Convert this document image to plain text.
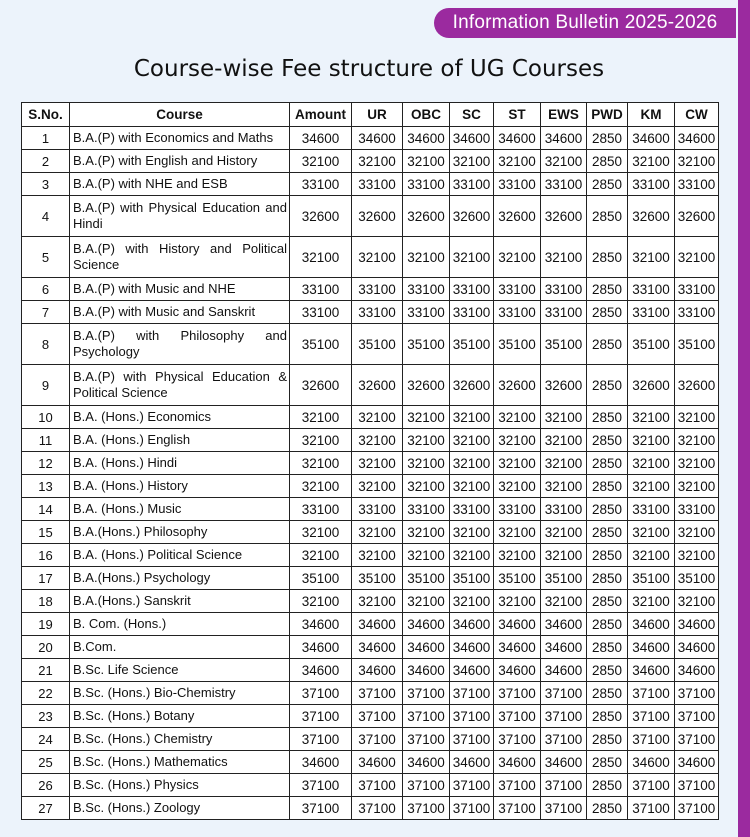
Information Bulletin 2025-2026
Course-wise Fee structure of UG Courses
S.No.	Course	Amount	UR	OBC	SC	ST	EWS	PWD	KM	CW
1	B.A.(P) with Economics and Maths	34600	34600	34600	34600	34600	34600	2850	34600	34600
2	B.A.(P) with English and History	32100	32100	32100	32100	32100	32100	2850	32100	32100
3	B.A.(P) with NHE and ESB	33100	33100	33100	33100	33100	33100	2850	33100	33100
4	B.A.(P) with Physical Education and Hindi	32600	32600	32600	32600	32600	32600	2850	32600	32600
5	B.A.(P) with History and Political Science	32100	32100	32100	32100	32100	32100	2850	32100	32100
6	B.A.(P) with Music and NHE	33100	33100	33100	33100	33100	33100	2850	33100	33100
7	B.A.(P) with Music and Sanskrit	33100	33100	33100	33100	33100	33100	2850	33100	33100
8	B.A.(P) with Philosophy and Psychology	35100	35100	35100	35100	35100	35100	2850	35100	35100
9	B.A.(P) with Physical Education & Political Science	32600	32600	32600	32600	32600	32600	2850	32600	32600
10	B.A. (Hons.) Economics	32100	32100	32100	32100	32100	32100	2850	32100	32100
11	B.A. (Hons.) English	32100	32100	32100	32100	32100	32100	2850	32100	32100
12	B.A. (Hons.) Hindi	32100	32100	32100	32100	32100	32100	2850	32100	32100
13	B.A. (Hons.) History	32100	32100	32100	32100	32100	32100	2850	32100	32100
14	B.A. (Hons.) Music	33100	33100	33100	33100	33100	33100	2850	33100	33100
15	B.A.(Hons.) Philosophy	32100	32100	32100	32100	32100	32100	2850	32100	32100
16	B.A. (Hons.) Political Science	32100	32100	32100	32100	32100	32100	2850	32100	32100
17	B.A.(Hons.) Psychology	35100	35100	35100	35100	35100	35100	2850	35100	35100
18	B.A.(Hons.) Sanskrit	32100	32100	32100	32100	32100	32100	2850	32100	32100
19	B. Com. (Hons.)	34600	34600	34600	34600	34600	34600	2850	34600	34600
20	B.Com.	34600	34600	34600	34600	34600	34600	2850	34600	34600
21	B.Sc. Life Science	34600	34600	34600	34600	34600	34600	2850	34600	34600
22	B.Sc. (Hons.) Bio-Chemistry	37100	37100	37100	37100	37100	37100	2850	37100	37100
23	B.Sc. (Hons.) Botany	37100	37100	37100	37100	37100	37100	2850	37100	37100
24	B.Sc. (Hons.) Chemistry	37100	37100	37100	37100	37100	37100	2850	37100	37100
25	B.Sc. (Hons.) Mathematics	34600	34600	34600	34600	34600	34600	2850	34600	34600
26	B.Sc. (Hons.) Physics	37100	37100	37100	37100	37100	37100	2850	37100	37100
27	B.Sc. (Hons.) Zoology	37100	37100	37100	37100	37100	37100	2850	37100	37100
